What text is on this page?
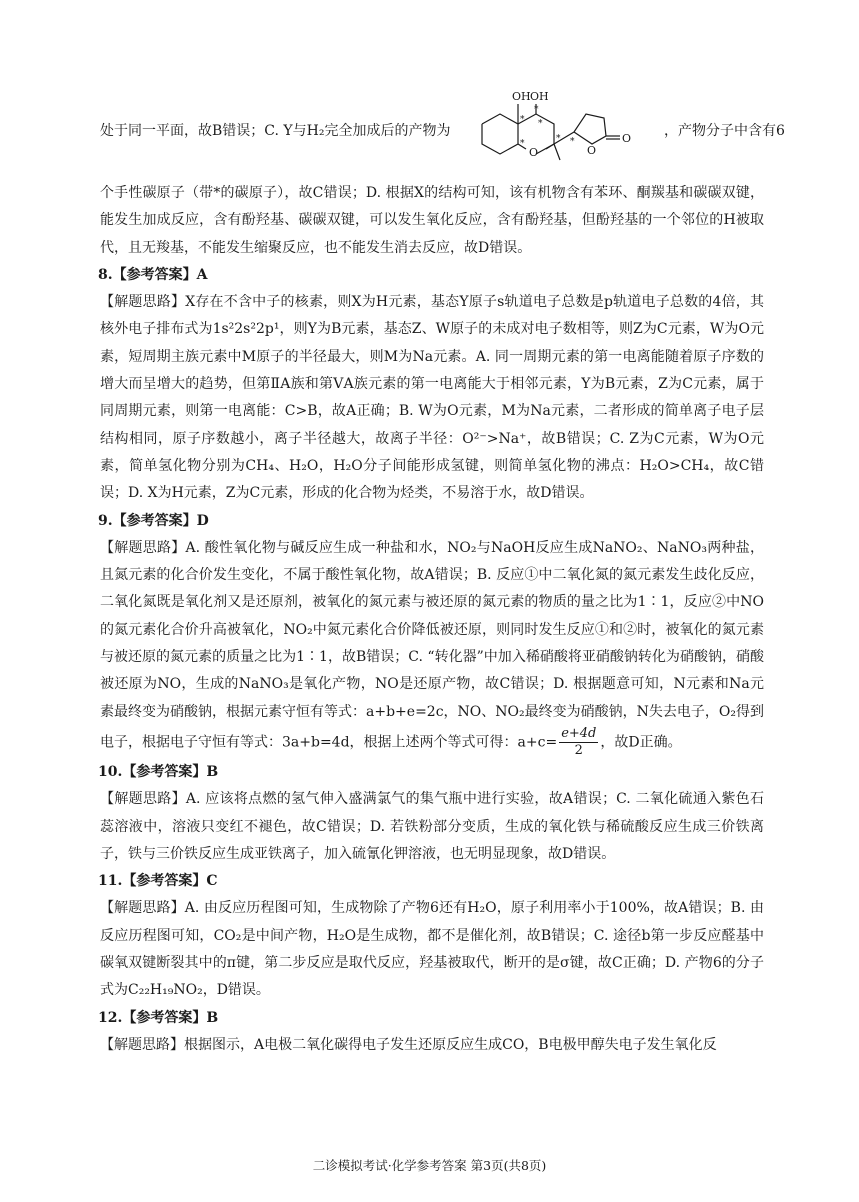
处于同一平面，故B错误；C. Y与H₂完全加成后的产物为
OH OH
O	O
O
*
*
*
* *
*
，产物分子中含有6

个手性碳原子（带*的碳原子），故C错误；D. 根据X的结构可知，该有机物含有苯环、酮羰基和碳碳双键，能发生加成反应，含有酚羟基、碳碳双键，可以发生氧化反应，含有酚羟基，但酚羟基的一个邻位的H被取代，且无羧基，不能发生缩聚反应，也不能发生消去反应，故D错误。

8.【参考答案】A

【解题思路】X存在不含中子的核素，则X为H元素，基态Y原子s轨道电子总数是p轨道电子总数的4倍，其核外电子排布式为1s²2s²2p¹，则Y为B元素，基态Z、W原子的未成对电子数相等，则Z为C元素，W为O元素，短周期主族元素中M原子的半径最大，则M为Na元素。A. 同一周期元素的第一电离能随着原子序数的增大而呈增大的趋势，但第ⅡA族和第ⅤA族元素的第一电离能大于相邻元素，Y为B元素，Z为C元素，属于同周期元素，则第一电离能：C>B，故A正确；B. W为O元素，M为Na元素，二者形成的简单离子电子层结构相同，原子序数越小，离子半径越大，故离子半径：O²⁻>Na⁺，故B错误；C. Z为C元素，W为O元素，简单氢化物分别为CH₄、H₂O，H₂O分子间能形成氢键，则简单氢化物的沸点：H₂O>CH₄，故C错误；D. X为H元素，Z为C元素，形成的化合物为烃类，不易溶于水，故D错误。

9.【参考答案】D

【解题思路】A. 酸性氧化物与碱反应生成一种盐和水，NO₂与NaOH反应生成NaNO₂、NaNO₃两种盐，且氮元素的化合价发生变化，不属于酸性氧化物，故A错误；B. 反应①中二氧化氮的氮元素发生歧化反应，二氧化氮既是氧化剂又是还原剂，被氧化的氮元素与被还原的氮元素的物质的量之比为1∶1，反应②中NO的氮元素化合价升高被氧化，NO₂中氮元素化合价降低被还原，则同时发生反应①和②时，被氧化的氮元素与被还原的氮元素的质量之比为1∶1，故B错误；C. “转化器”中加入稀硝酸将亚硝酸钠转化为硝酸钠，硝酸被还原为NO，生成的NaNO₃是氧化产物，NO是还原产物，故C错误；D. 根据题意可知，N元素和Na元素最终变为硝酸钠，根据元素守恒有等式：a+b+e=2c，NO、NO₂最终变为硝酸钠，N失去电子，O₂得到电子，根据电子守恒有等式：3a+b=4d，根据上述两个等式可得：$a+c= \frac{e+4d}{2}$ ，故D正确。

10.【参考答案】B

【解题思路】A. 应该将点燃的氢气伸入盛满氯气的集气瓶中进行实验，故A错误；C. 二氧化硫通入紫色石蕊溶液中，溶液只变红不褪色，故C错误；D. 若铁粉部分变质，生成的氧化铁与稀硫酸反应生成三价铁离子，铁与三价铁反应生成亚铁离子，加入硫氰化钾溶液，也无明显现象，故D错误。

11.【参考答案】C

【解题思路】A. 由反应历程图可知，生成物除了产物6还有H₂O，原子利用率小于100%，故A错误；B. 由反应历程图可知，CO₂是中间产物，H₂O是生成物，都不是催化剂，故B错误；C. 途径b第一步反应醛基中碳氧双键断裂其中的π键，第二步反应是取代反应，羟基被取代，断开的是σ键，故C正确；D. 产物6的分子式为C₂₂H₁₉NO₂，D错误。

12.【参考答案】B

【解题思路】根据图示，A电极二氧化碳得电子发生还原反应生成CO，B电极甲醇失电子发生氧化反

二诊模拟考试·化学参考答案 第3页(共8页)
